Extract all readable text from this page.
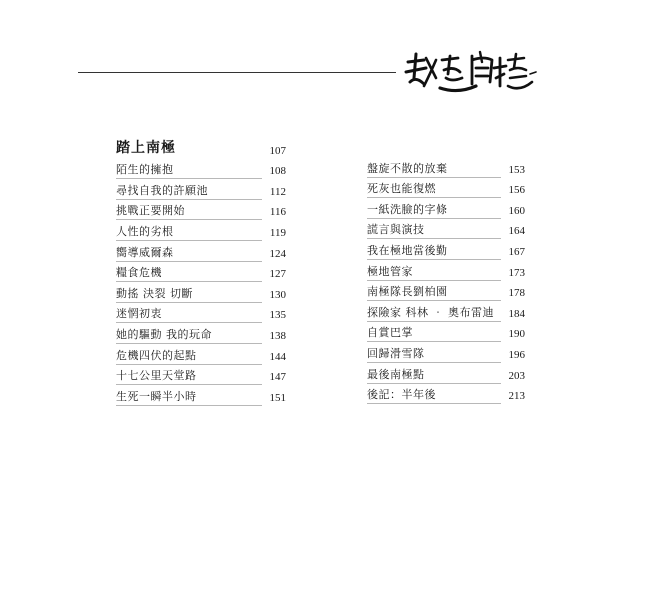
踏上南極	107
陌生的擁抱	108
尋找自我的許願池	112
挑戰正要開始	116
人性的劣根	119
嚮導威爾森	124
糧食危機	127
動搖 決裂 切斷	130
迷惘初衷	135
她的驅動 我的玩命	138
危機四伏的起點	144
十七公里天堂路	147
生死一瞬半小時	151
盤旋不散的放棄	153
死灰也能復燃	156
一紙洗臉的字條	160
謊言與演技	164
我在極地當後勤	167
極地管家	173
南極隊長劉柏園	178
探險家 科林 ‧ 奧布雷迪 184
自賞巴掌	190
回歸滑雪隊	196
最後南極點	203
後記：半年後	213
